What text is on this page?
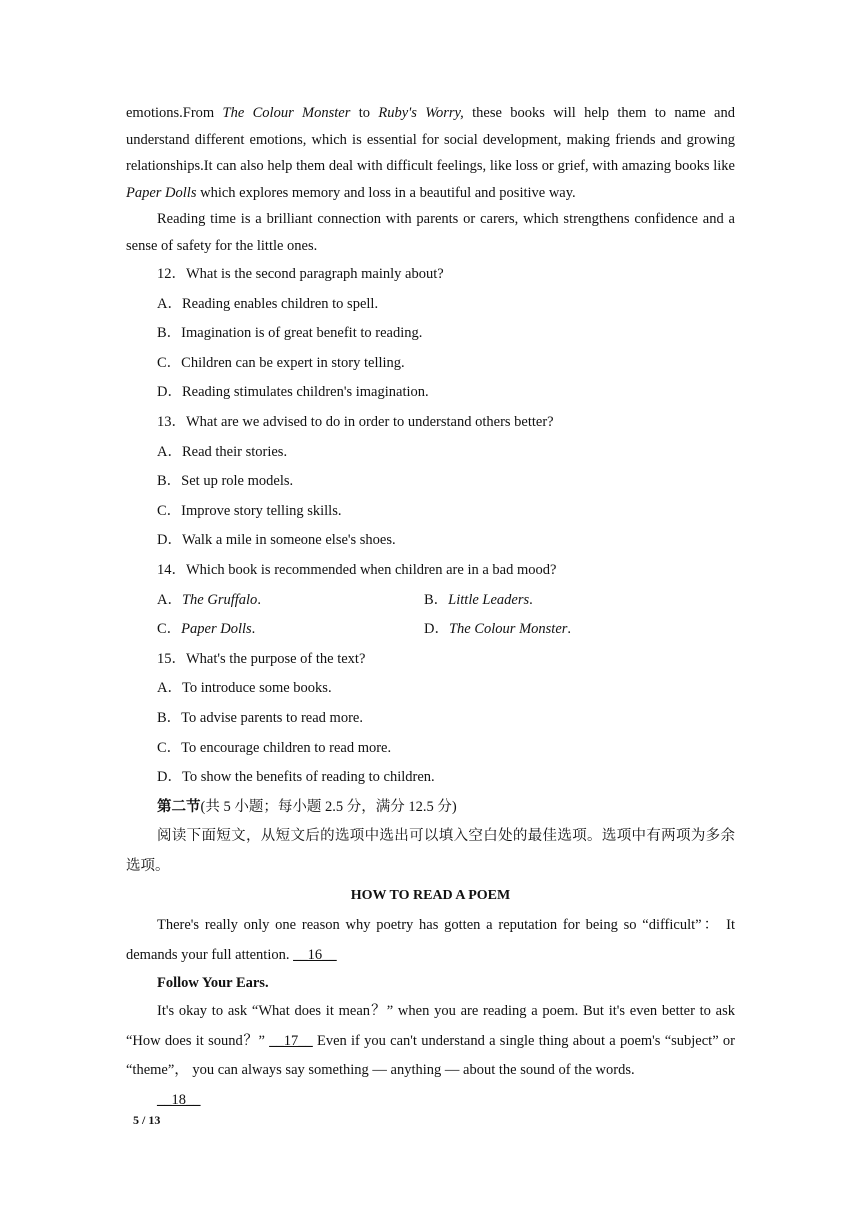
emotions.From The Colour Monster to Ruby's Worry, these books will help them to name and understand different emotions, which is essential for social development, making friends and growing relationships.It can also help them deal with difficult feelings, like loss or grief, with amazing books like Paper Dolls which explores memory and loss in a beautiful and positive way.

Reading time is a brilliant connection with parents or carers, which strengthens confidence and a sense of safety for the little ones.

12．What is the second paragraph mainly about?

A．Reading enables children to spell.

B．Imagination is of great benefit to reading.

C．Children can be expert in story telling.

D．Reading stimulates children's imagination.

13．What are we advised to do in order to understand others better?

A．Read their stories.

B．Set up role models.

C．Improve story telling skills.

D．Walk a mile in someone else's shoes.

14．Which book is recommended when children are in a bad mood?

A．The Gruffalo.	B．Little Leaders.
C．Paper Dolls.	D．The Colour Monster.

15．What's the purpose of the text?

A．To introduce some books.

B．To advise parents to read more.

C．To encourage children to read more.

D．To show the benefits of reading to children.

第二节(共 5 小题；每小题 2.5 分，满分 12.5 分)

阅读下面短文，从短文后的选项中选出可以填入空白处的最佳选项。选项中有两项为多余选项。

HOW TO READ A POEM

There's really only one reason why poetry has gotten a reputation for being so “difficult”： It demands your full attention. __16__

Follow Your Ears.

It's okay to ask “What does it mean？” when you are reading a poem. But it's even better to ask “How does it sound？” __17__ Even if you can't understand a single thing about a poem's “subject” or “theme”， you can always say something — anything — about the sound of the words.

__18__

5 / 13
